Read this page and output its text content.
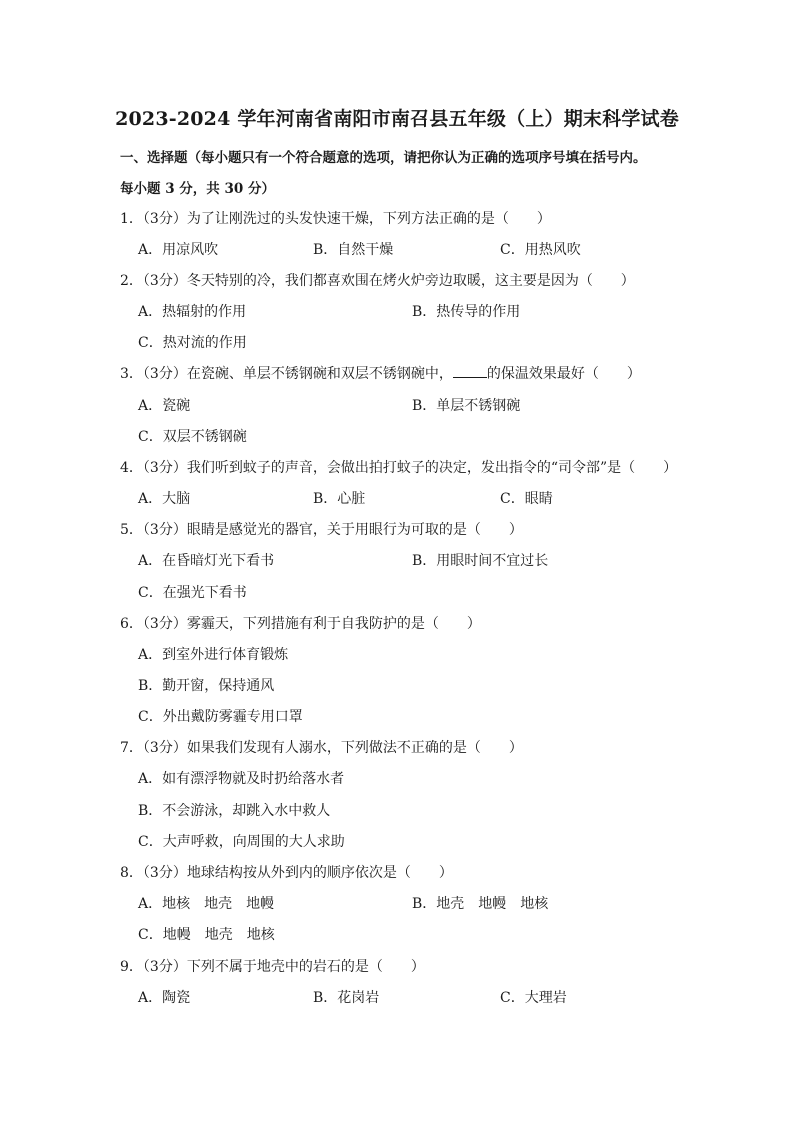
2023-2024 学年河南省南阳市南召县五年级（上）期末科学试卷
一、选择题（每小题只有一个符合题意的选项，请把你认为正确的选项序号填在括号内。
每小题 3 分，共 30 分）
1．（3分）为了让刚洗过的头发快速干燥，下列方法正确的是（　　）
A．用凉风吹	B．自然干燥	C．用热风吹
2．（3分）冬天特别的冷，我们都喜欢围在烤火炉旁边取暖，这主要是因为（　　）
A．热辐射的作用	B．热传导的作用
C．热对流的作用
3．（3分）在瓷碗、单层不锈钢碗和双层不锈钢碗中， 的保温效果最好（　　）
A．瓷碗	B．单层不锈钢碗
C．双层不锈钢碗
4．（3分）我们听到蚊子的声音，会做出拍打蚊子的决定，发出指令的“司令部”是（　　）
A．大脑	B．心脏	C．眼睛
5．（3分）眼睛是感觉光的器官，关于用眼行为可取的是（　　）
A．在昏暗灯光下看书	B．用眼时间不宜过长
C．在强光下看书
6．（3分）雾霾天，下列措施有利于自我防护的是（　　）
A．到室外进行体育锻炼
B．勤开窗，保持通风
C．外出戴防雾霾专用口罩
7．（3分）如果我们发现有人溺水，下列做法不正确的是（　　）
A．如有漂浮物就及时扔给落水者
B．不会游泳，却跳入水中救人
C．大声呼救，向周围的大人求助
8．（3分）地球结构按从外到内的顺序依次是（　　）
A．地核　地壳　地幔	B．地壳　地幔　地核
C．地幔　地壳　地核
9．（3分）下列不属于地壳中的岩石的是（　　）
A．陶瓷	B．花岗岩	C．大理岩
